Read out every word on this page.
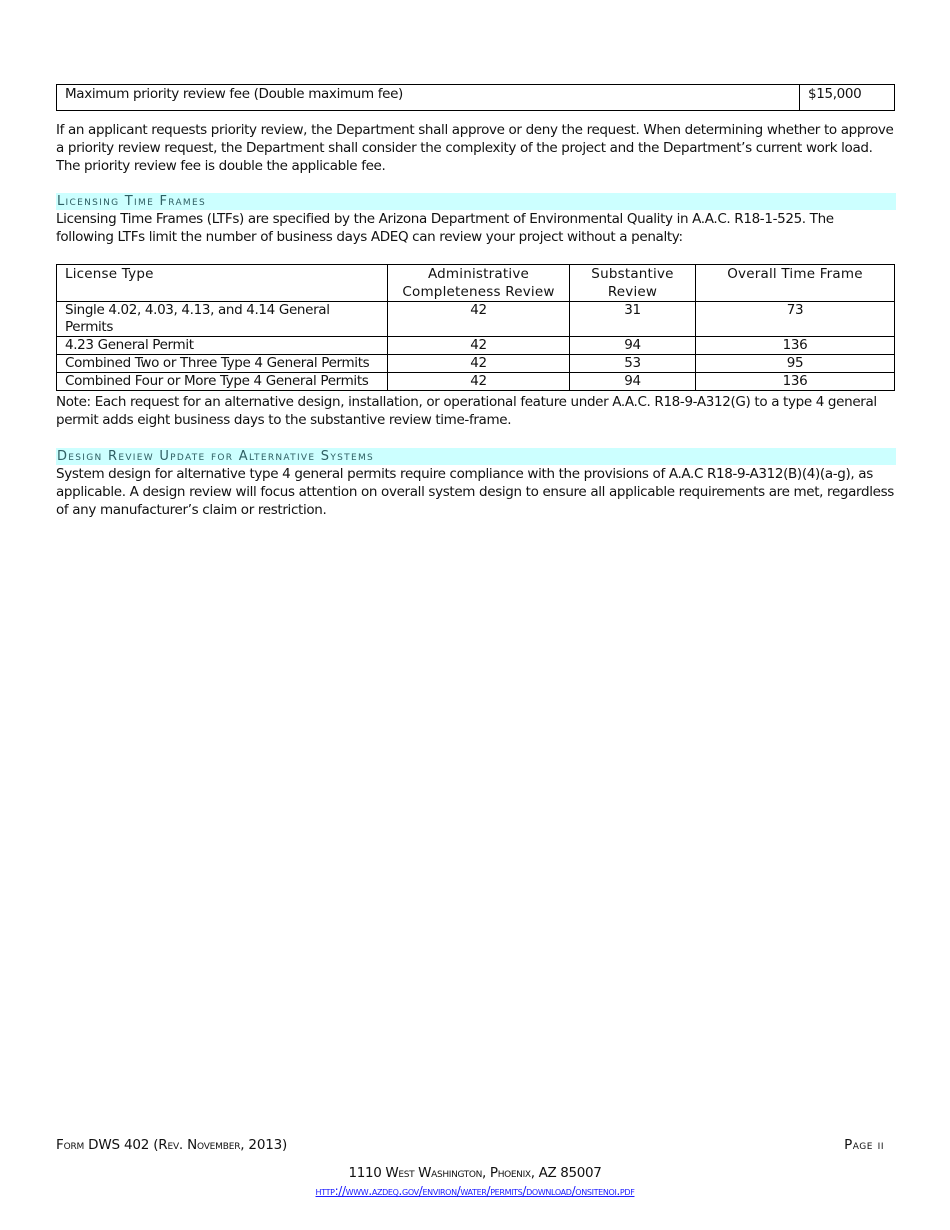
Maximum priority review fee (Double maximum fee)	$15,000

If an applicant requests priority review, the Department shall approve or deny the request. When determining whether to approve a priority review request, the Department shall consider the complexity of the project and the Department’s current work load. The priority review fee is double the applicable fee.

Licensing Time Frames

Licensing Time Frames (LTFs) are specified by the Arizona Department of Environmental Quality in A.A.C. R18-1-525. The following LTFs limit the number of business days ADEQ can review your project without a penalty:

License Type	Administrative Completeness Review	Substantive Review	Overall Time Frame
Single 4.02, 4.03, 4.13, and 4.14 General Permits	42	31	73
4.23 General Permit	42	94	136
Combined Two or Three Type 4 General Permits	42	53	95
Combined Four or More Type 4 General Permits	42	94	136

Note: Each request for an alternative design, installation, or operational feature under A.A.C. R18-9-A312(G) to a type 4 general permit adds eight business days to the substantive review time-frame.

Design Review Update for Alternative Systems

System design for alternative type 4 general permits require compliance with the provisions of A.A.C R18-9-A312(B)(4)(a-g), as applicable. A design review will focus attention on overall system design to ensure all applicable requirements are met, regardless of any manufacturer’s claim or restriction.

Form DWS 402 (Rev. November, 2013)	Page ii
1110 West Washington, Phoenix, AZ 85007
http://www.azdeq.gov/environ/water/permits/download/onsitenoi.pdf
